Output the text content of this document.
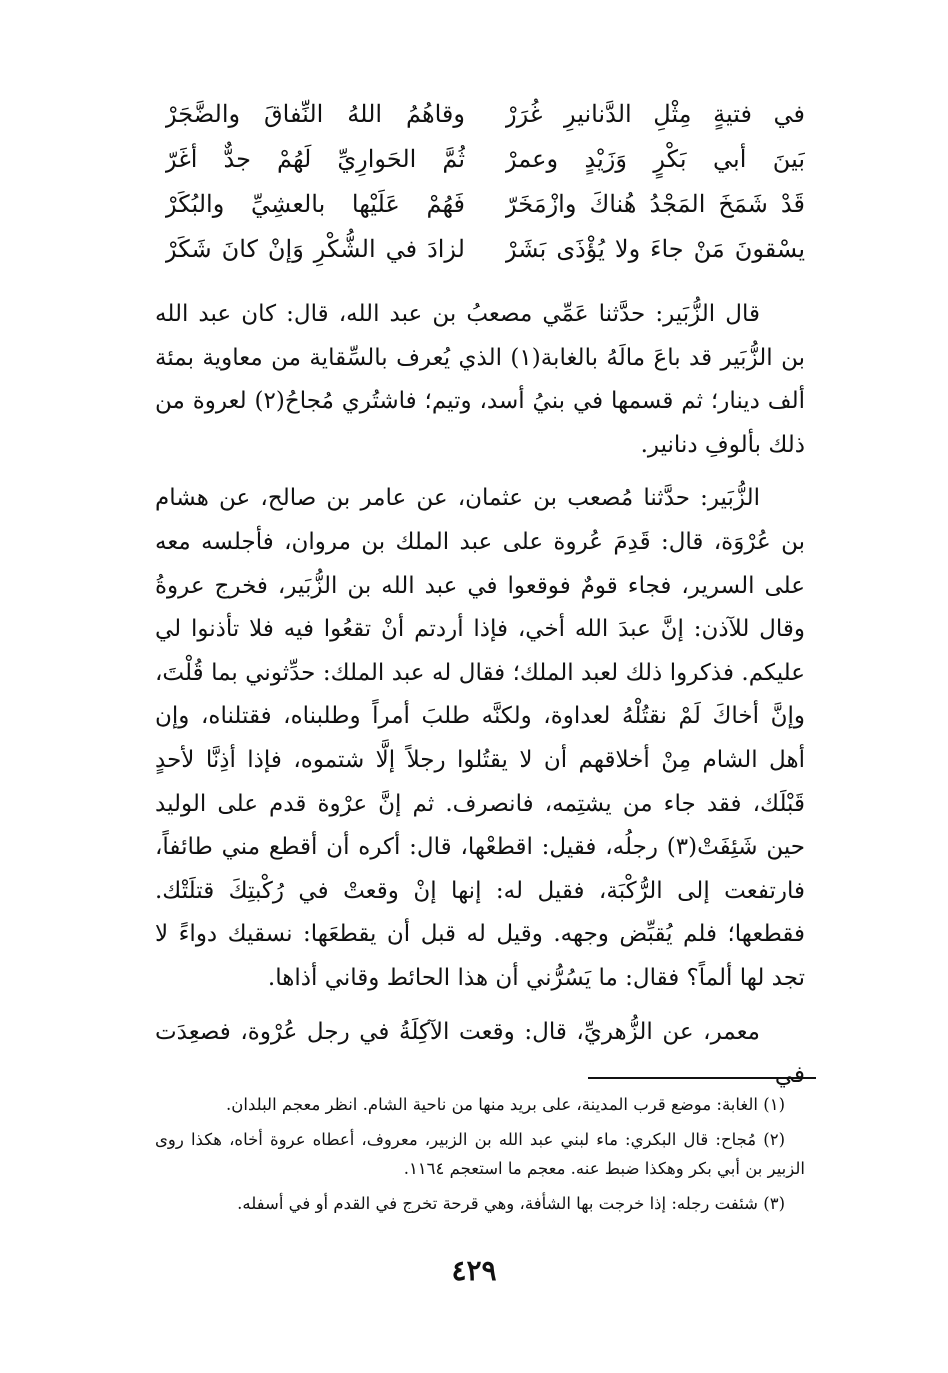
في فتيةٍ مِثْلِ الدَّنانيرِ غُرَرْ
وقاهُمُ اللهُ النِّفاقَ والضَّجَرْ
بَينَ أبي بَكْرٍ وَزَيْدٍ وعمرْ
ثُمَّ الحَوارِيِّ لَهُمْ جدٌّ أغَرّ
قَدْ شَمَخَ المَجْدُ هُناكَ وازْمَخَرّ
فَهُمْ عَلَيْها بالعشِيِّ والبُكَرْ
يسْقونَ مَنْ جاءَ ولا يُؤْذَى بَشَرْ
لزادَ في الشُّكْرِ وَإنْ كانَ شَكَرْ

قال الزُّبَير: حدَّثنا عَمِّي مصعبُ بن عبد الله، قال: كان عبد الله بن الزُّبَير قد باعَ مالَهُ بالغابة(١) الذي يُعرف بالسِّقاية من معاوية بمئة ألف دينار؛ ثم قسمها في بنيُ أسد، وتيم؛ فاشتُري مُجاحُ(٢) لعروة من ذلك بألوفِ دنانير.

الزُّبَير: حدَّثنا مُصعب بن عثمان، عن عامر بن صالح، عن هشام بن عُرْوَة، قال: قَدِمَ عُروة على عبد الملك بن مروان، فأجلسه معه على السرير، فجاء قومٌ فوقعوا في عبد الله بن الزُّبَير، فخرج عروةُ وقال للآذن: إنَّ عبدَ الله أخي، فإذا أردتم أنْ تقعُوا فيه فلا تأذنوا لي عليكم. فذكروا ذلك لعبد الملك؛ فقال له عبد الملك: حدِّثوني بما قُلْتَ، وإنَّ أخاكَ لَمْ نقتُلْهُ لعداوة، ولكنَّه طلبَ أمراً وطلبناه، فقتلناه، وإن أهل الشام مِنْ أخلاقهم أن لا يقتُلوا رجلاً إلَّا شتموه، فإذا أذِنَّا لأحدٍ قَبْلَك، فقد جاء من يشتِمه، فانصرف. ثم إنَّ عرْوة قدم على الوليد حين شَئِفَتْ(٣) رجلُه، فقيل: اقطعْها، قال: أكره أن أقطع مني طائفاً، فارتفعت إلى الرُّكْبَة، فقيل له: إنها إنْ وقعتْ في رُكْبتِكَ قتلَتْك. فقطعها؛ فلم يُقبِّض وجهه. وقيل له قبل أن يقطعَها: نسقيك دواءً لا تجد لها ألماً؟ فقال: ما يَسُرُّني أن هذا الحائط وقاني أذاها.

معمر، عن الزُّهريِّ، قال: وقعت الآكِلَةُ في رجل عُرْوة، فصعِدَت في

(١) الغابة: موضع قرب المدينة، على بريد منها من ناحية الشام. انظر معجم البلدان.

(٢) مُجاح: قال البكري: ماء لبني عبد الله بن الزبير، معروف، أعطاه عروة أخاه، هكذا روى الزبير بن أبي بكر وهكذا ضبط عنه. معجم ما استعجم ١١٦٤.

(٣) شئفت رجله: إذا خرجت بها الشأفة، وهي قرحة تخرج في القدم أو في أسفله.

٤٢٩
